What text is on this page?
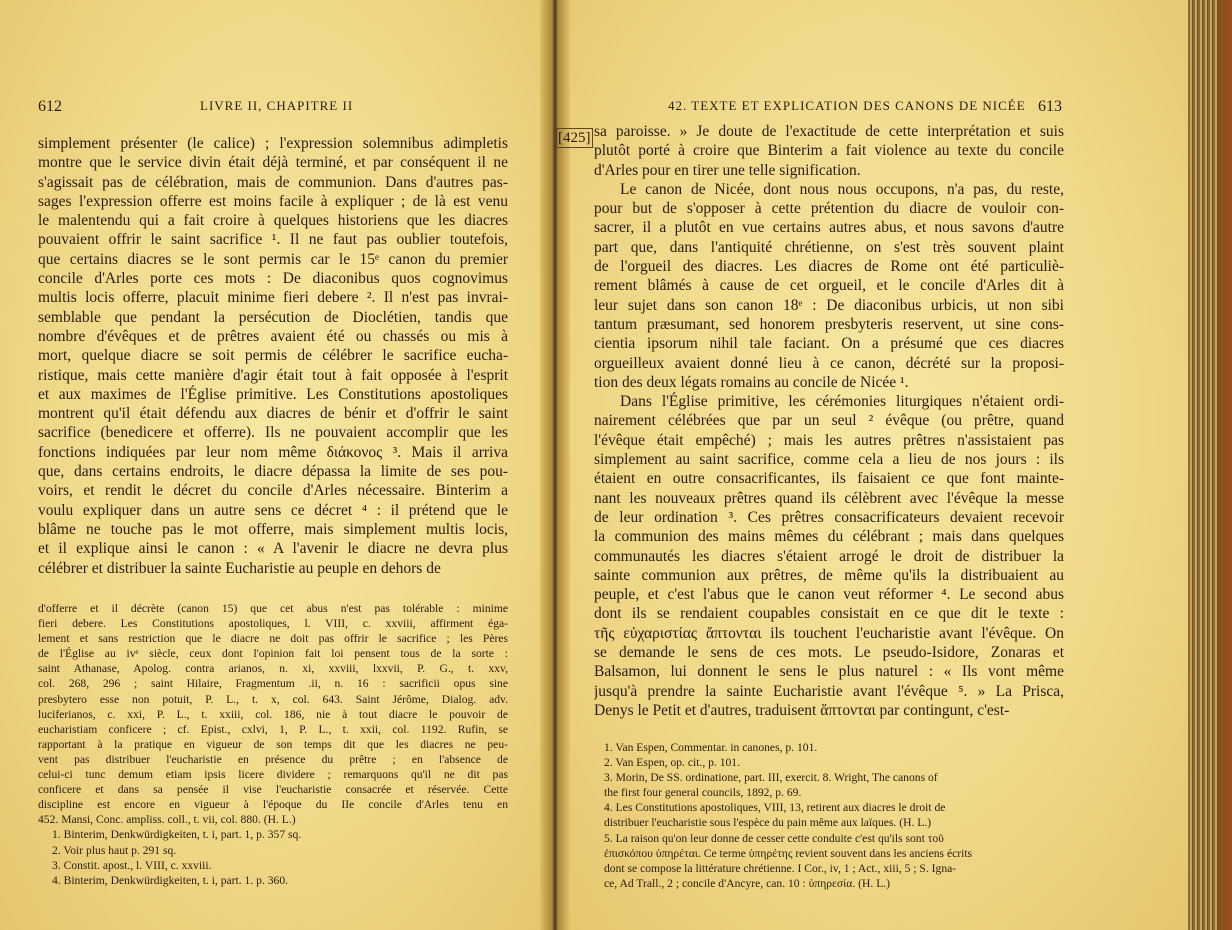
612	LIVRE II, CHAPITRE II
simplement présenter (le calice) ; l'expression solemnibus adimpletis
montre que le service divin était déjà terminé, et par conséquent il ne
s'agissait pas de célébration, mais de communion. Dans d'autres pas-
sages l'expression offerre est moins facile à expliquer ; de là est venu
le malentendu qui a fait croire à quelques historiens que les diacres
pouvaient offrir le saint sacrifice ¹. Il ne faut pas oublier toutefois,
que certains diacres se le sont permis car le 15ᵉ canon du premier
concile d'Arles porte ces mots : De diaconibus quos cognovimus
multis locis offerre, placuit minime fieri debere ². Il n'est pas invrai-
semblable que pendant la persécution de Dioclétien, tandis que
nombre d'évêques et de prêtres avaient été ou chassés ou mis à
mort, quelque diacre se soit permis de célébrer le sacrifice eucha-
ristique, mais cette manière d'agir était tout à fait opposée à l'esprit
et aux maximes de l'Église primitive. Les Constitutions apostoliques
montrent qu'il était défendu aux diacres de bénir et d'offrir le saint
sacrifice (benedicere et offerre). Ils ne pouvaient accomplir que les
fonctions indiquées par leur nom même διάκονος ³. Mais il arriva
que, dans certains endroits, le diacre dépassa la limite de ses pou-
voirs, et rendit le décret du concile d'Arles nécessaire. Binterim a
voulu expliquer dans un autre sens ce décret ⁴ : il prétend que le
blâme ne touche pas le mot offerre, mais simplement multis locis,
et il explique ainsi le canon : « A l'avenir le diacre ne devra plus
célébrer et distribuer la sainte Eucharistie au peuple en dehors de
d'offerre et il décrète (canon 15) que cet abus n'est pas tolérable : minime
fieri debere. Les Constitutions apostoliques, l. VIII, c. xxviii, affirment éga-
lement et sans restriction que le diacre ne doit pas offrir le sacrifice ; les Pères
de l'Église au ivᵉ siècle, ceux dont l'opinion fait loi pensent tous de la sorte :
saint Athanase, Apolog. contra arianos, n. xi, xxviii, lxxvii, P. G., t. xxv,
col. 268, 296 ; saint Hilaire, Fragmentum .ii, n. 16 : sacrificii opus sine
presbytero esse non potuit, P. L., t. x, col. 643. Saint Jérôme, Dialog. adv.
luciferianos, c. xxi, P. L., t. xxiii, col. 186, nie à tout diacre le pouvoir de
eucharistiam conficere ; cf. Epist., cxlvi, 1, P. L., t. xxii, col. 1192. Rufin, se
rapportant à la pratique en vigueur de son temps dit que les diacres ne peu-
vent pas distribuer l'eucharistie en présence du prêtre ; en l'absence de
celui-ci tunc demum etiam ipsis licere dividere ; remarquons qu'il ne dit pas
conficere et dans sa pensée il vise l'eucharistie consacrée et réservée. Cette
discipline est encore en vigueur à l'époque du IIe concile d'Arles tenu en
452. Mansi, Conc. ampliss. coll., t. vii, col. 880. (H. L.)
1. Binterim, Denkwürdigkeiten, t. i, part. 1, p. 357 sq.
2. Voir plus haut p. 291 sq.
3. Constit. apost., l. VIII, c. xxviii.
4. Binterim, Denkwürdigkeiten, t. i, part. 1. p. 360.
42. TEXTE ET EXPLICATION DES CANONS DE NICÉE 613
[425] sa paroisse. » Je doute de l'exactitude de cette interprétation et suis
plutôt porté à croire que Binterim a fait violence au texte du concile
d'Arles pour en tirer une telle signification.
Le canon de Nicée, dont nous nous occupons, n'a pas, du reste,
pour but de s'opposer à cette prétention du diacre de vouloir con-
sacrer, il a plutôt en vue certains autres abus, et nous savons d'autre
part que, dans l'antiquité chrétienne, on s'est très souvent plaint
de l'orgueil des diacres. Les diacres de Rome ont été particuliè-
rement blâmés à cause de cet orgueil, et le concile d'Arles dit à
leur sujet dans son canon 18ᵉ : De diaconibus urbicis, ut non sibi
tantum præsumant, sed honorem presbyteris reservent, ut sine cons-
cientia ipsorum nihil tale faciant. On a présumé que ces diacres
orgueilleux avaient donné lieu à ce canon, décrété sur la proposi-
tion des deux légats romains au concile de Nicée ¹.
Dans l'Église primitive, les cérémonies liturgiques n'étaient ordi-
nairement célébrées que par un seul ² évêque (ou prêtre, quand
l'évêque était empêché) ; mais les autres prêtres n'assistaient pas
simplement au saint sacrifice, comme cela a lieu de nos jours : ils
étaient en outre consacrificantes, ils faisaient ce que font mainte-
nant les nouveaux prêtres quand ils célèbrent avec l'évêque la messe
de leur ordination ³. Ces prêtres consacrificateurs devaient recevoir
la communion des mains mêmes du célébrant ; mais dans quelques
communautés les diacres s'étaient arrogé le droit de distribuer la
sainte communion aux prêtres, de même qu'ils la distribuaient au
peuple, et c'est l'abus que le canon veut réformer ⁴. Le second abus
dont ils se rendaient coupables consistait en ce que dit le texte :
τῆς εὐχαριστίας ἅπτονται ils touchent l'eucharistie avant l'évêque. On
se demande le sens de ces mots. Le pseudo-Isidore, Zonaras et
Balsamon, lui donnent le sens le plus naturel : « Ils vont même
jusqu'à prendre la sainte Eucharistie avant l'évêque ⁵. » La Prisca,
Denys le Petit et d'autres, traduisent ἅπτονται par contingunt, c'est-
1. Van Espen, Commentar. in canones, p. 101.
2. Van Espen, op. cit., p. 101.
3. Morin, De SS. ordinatione, part. III, exercit. 8. Wright, The canons of
the first four general councils, 1892, p. 69.
4. Les Constitutions apostoliques, VIII, 13, retirent aux diacres le droit de
distribuer l'eucharistie sous l'espèce du pain même aux laïques. (H. L.)
5. La raison qu'on leur donne de cesser cette conduite c'est qu'ils sont τοῦ
ἐπισκόπου ὑπηρέται. Ce terme ὑπηρέτης revient souvent dans les anciens écrits
dont se compose la littérature chrétienne. I Cor., iv, 1 ; Act., xiii, 5 ; S. Igna-
ce, Ad Trall., 2 ; concile d'Ancyre, can. 10 : ὑπηρεσία. (H. L.)
